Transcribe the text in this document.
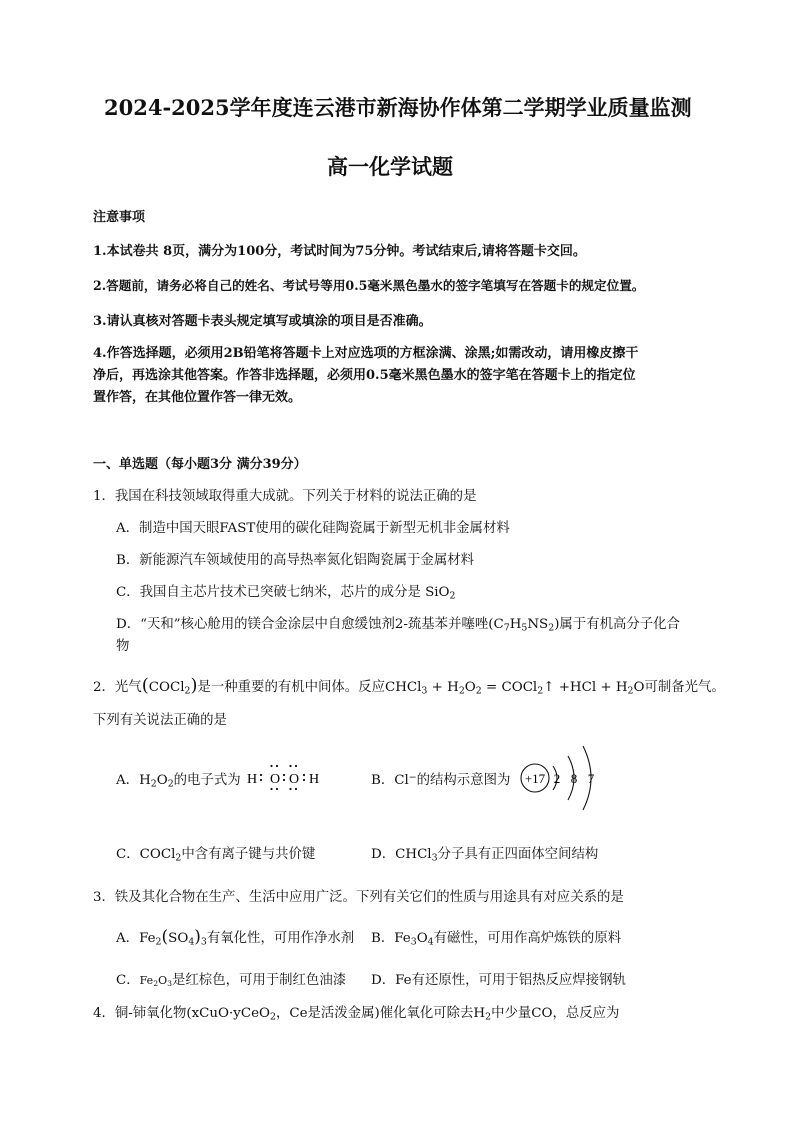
2024-2025学年度连云港市新海协作体第二学期学业质量监测
高一化学试题
注意事项
1.本试卷共 8页，满分为100分，考试时间为75分钟。考试结束后,请将答题卡交回。
2.答题前，请务必将自己的姓名、考试号等用0.5毫米黑色墨水的签字笔填写在答题卡的规定位置。
3.请认真核对答题卡表头规定填写或填涂的项目是否准确。
4.作答选择题，必须用2B铅笔将答题卡上对应选项的方框涂满、涂黑;如需改动，请用橡皮擦干
净后，再选涂其他答案。作答非选择题，必须用0.5毫米黑色墨水的签字笔在答题卡上的指定位
置作答，在其他位置作答一律无效。
一、单选题（每小题3分 满分39分）
1．我国在科技领域取得重大成就。下列关于材料的说法正确的是
A．制造中国天眼FAST使用的碳化硅陶瓷属于新型无机非金属材料
B．新能源汽车领域使用的高导热率氮化铝陶瓷属于金属材料
C．我国自主芯片技术已突破七纳米，芯片的成分是 SiO$_2$
D．“天和”核心舱用的镁合金涂层中自愈缓蚀剂2-巯基苯并噻唑$(C_7H_5NS_2)$属于有机高分子化合
物
2．光气(COCl$_2$)是一种重要的有机中间体。反应CHCl$_3$ + $H_2O_2$ = COCl$_2$↑ $+HCl + H_2O$可制备光气。
下列有关说法正确的是
A．$H_2O_2$的电子式为 H O O H	B．Cl−的结构示意图为 +17 2 8 7
C．COCl$_2$中含有离子键与共价键	D．CHCl$_3$分子具有正四面体空间结构
3．铁及其化合物在生产、生活中应用广泛。下列有关它们的性质与用途具有对应关系的是
A．$Fe_2(SO_4)_3$有氧化性，可用作净水剂 B．$Fe_3O_4$有磁性，可用作高炉炼铁的原料
C．$Fe_2O_3$是红棕色，可用于制红色油漆 D．Fe有还原性，可用于铝热反应焊接钢轨
4．铜-铈氧化物(xCuO·yCeO$_2$，Ce是活泼金属)催化氧化可除去$H_2$中少量CO，总反应为
